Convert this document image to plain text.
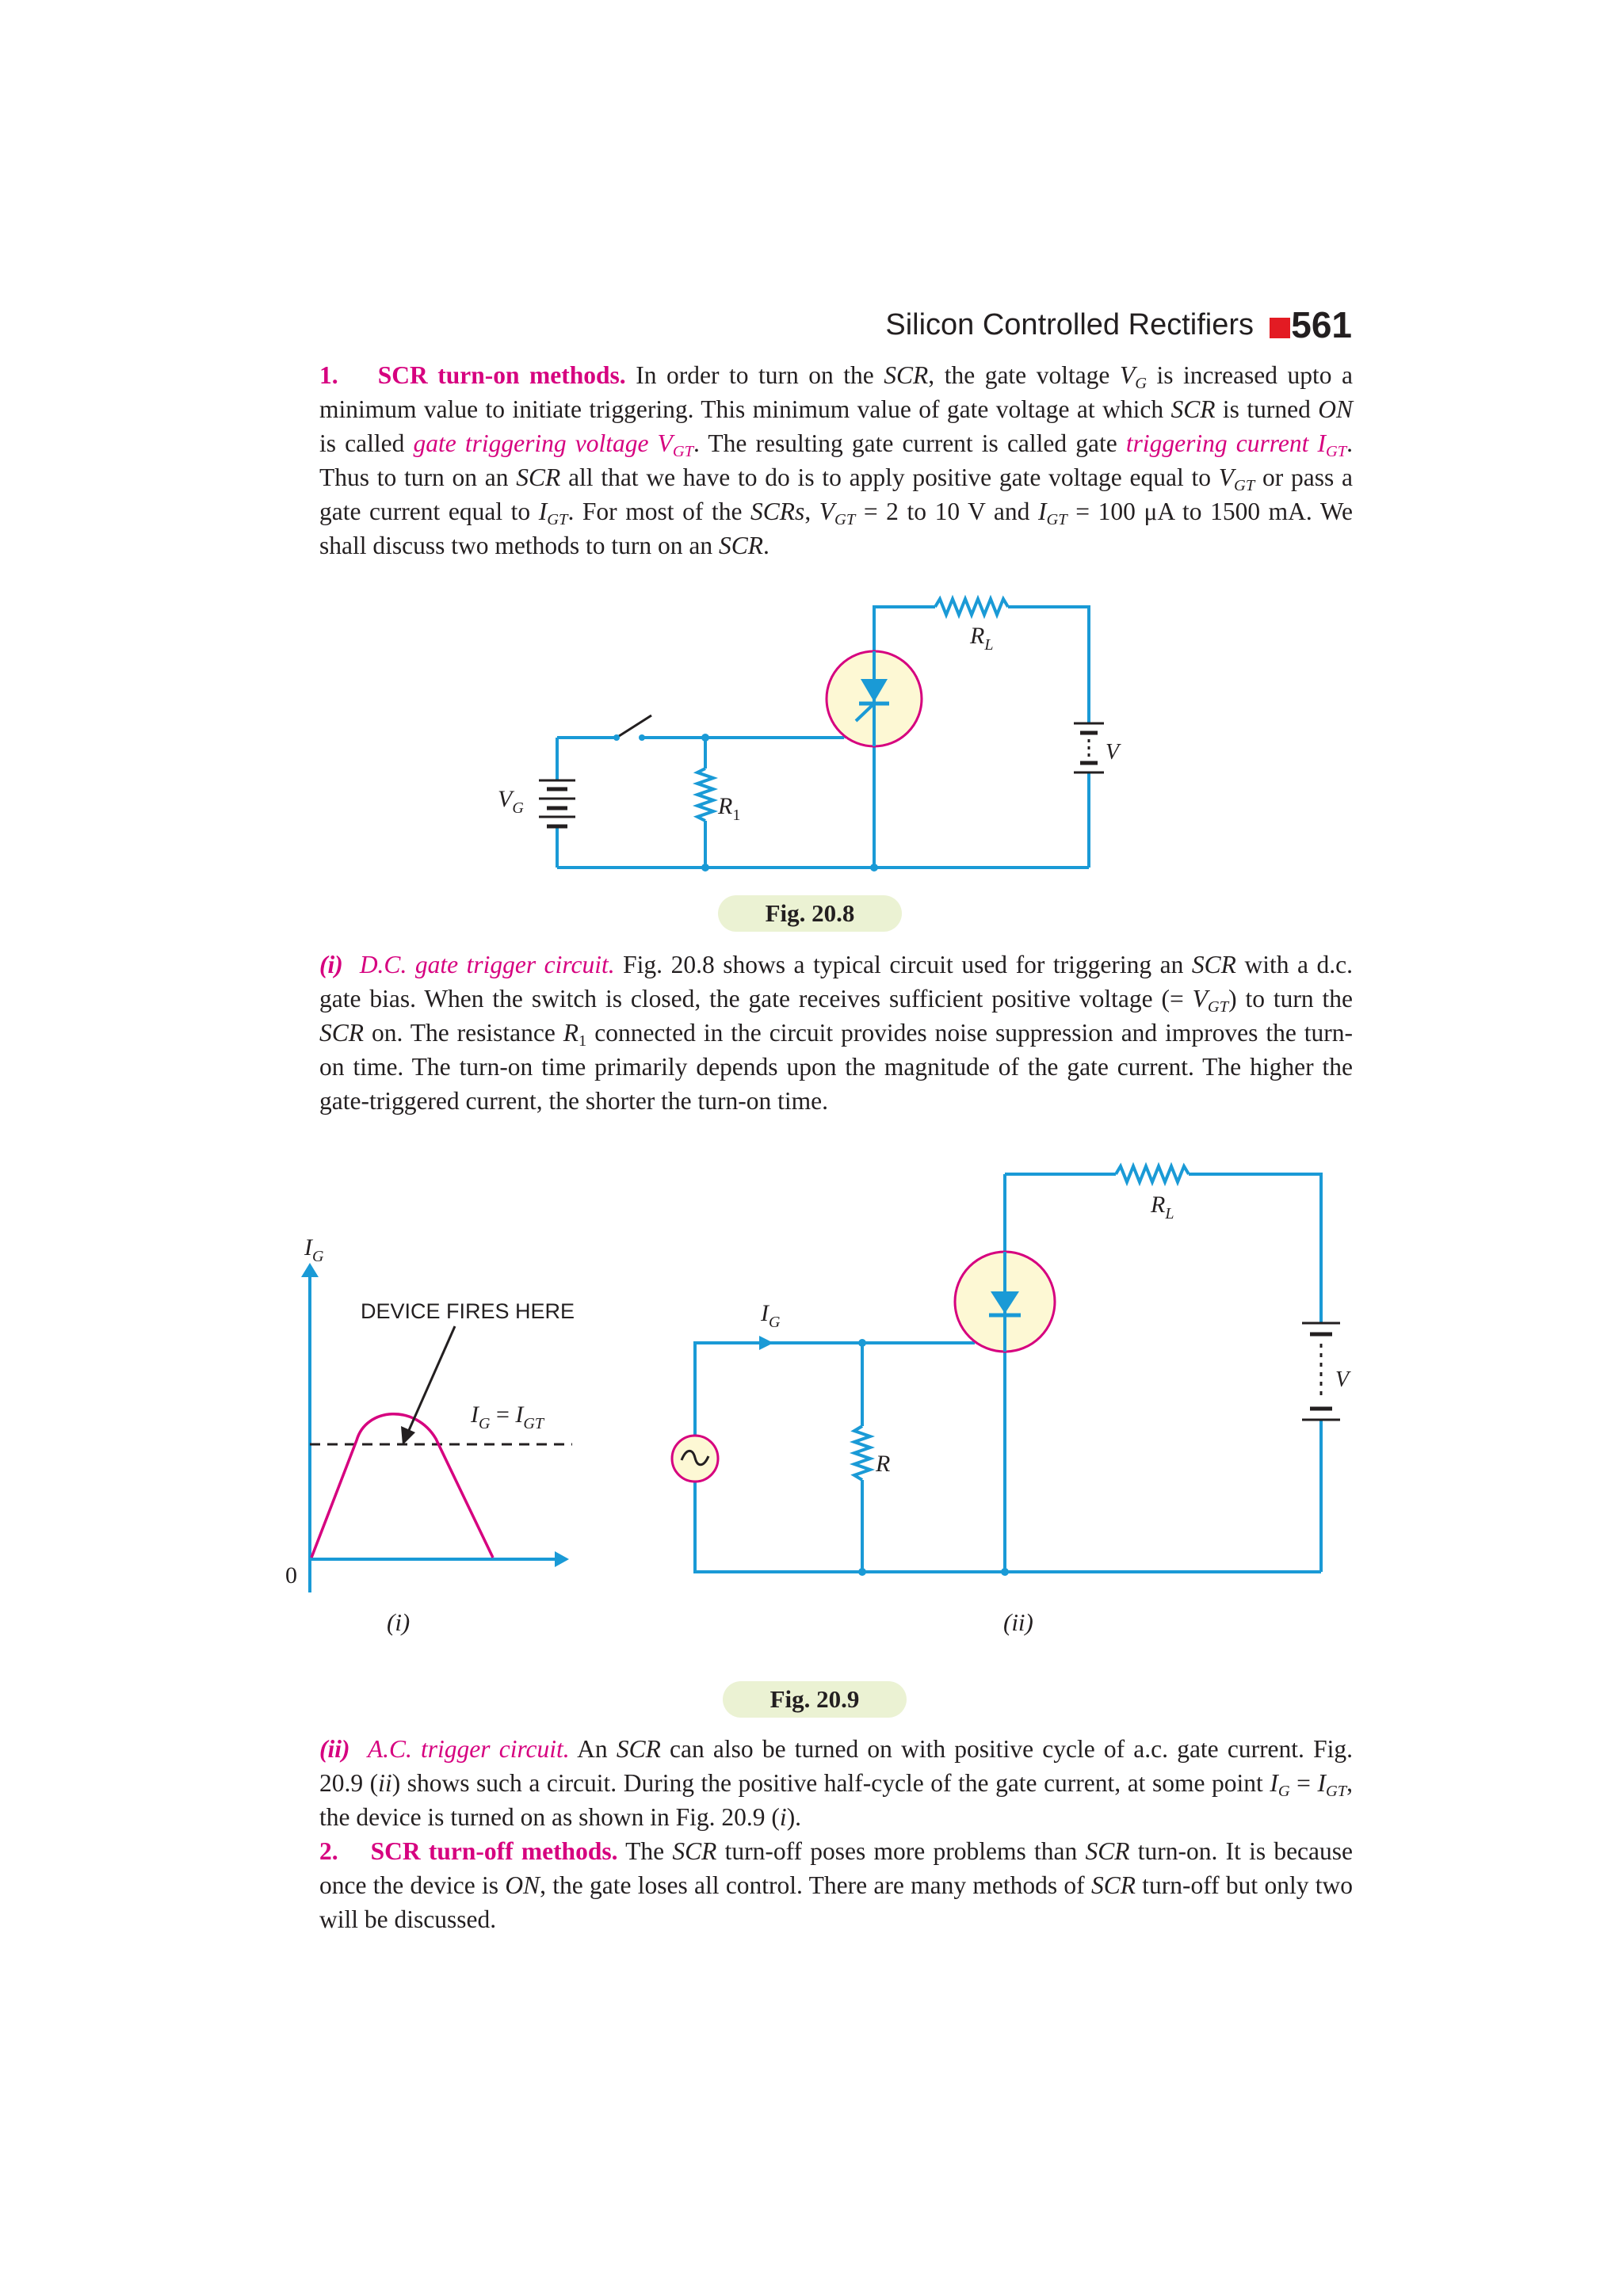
Silicon Controlled Rectifiers 561
1. SCR turn-on methods. In order to turn on the SCR, the gate voltage $V_G$ is increased upto a minimum value to initiate triggering. This minimum value of gate voltage at which SCR is turned ON is called gate triggering voltage $V_{GT}$. The resulting gate current is called gate triggering current $I_{GT}$. Thus to turn on an SCR all that we have to do is to apply positive gate voltage equal to $V_{GT}$ or pass a gate current equal to $I_{GT}$. For most of the SCRs, $V_{GT} = 2$ to 10 V and $I_{GT} = 100$ μA to 1500 mA. We shall discuss two methods to turn on an SCR.
$R_L$
V
$V_G$	$R_1$
Fig. 20.8
(i) D.C. gate trigger circuit. Fig. 20.8 shows a typical circuit used for triggering an SCR with a d.c. gate bias. When the switch is closed, the gate receives sufficient positive voltage (= $V_{GT}$) to turn the SCR on. The resistance $R_1$ connected in the circuit provides noise suppression and improves the turn-on time. The turn-on time primarily depends upon the magnitude of the gate current. The higher the gate-triggered current, the shorter the turn-on time.
$I_G$
0
DEVICE FIRES HERE
$I_G = I_{GT}$
(i)	(ii)
$I_G$
R
$R_L$
V
Fig. 20.9
(ii) A.C. trigger circuit. An SCR can also be turned on with positive cycle of a.c. gate current. Fig. 20.9 (ii) shows such a circuit. During the positive half-cycle of the gate current, at some point $I_G = I_{GT}$, the device is turned on as shown in Fig. 20.9 (i).
2. SCR turn-off methods. The SCR turn-off poses more problems than SCR turn-on. It is because once the device is ON, the gate loses all control. There are many methods of SCR turn-off but only two will be discussed.
